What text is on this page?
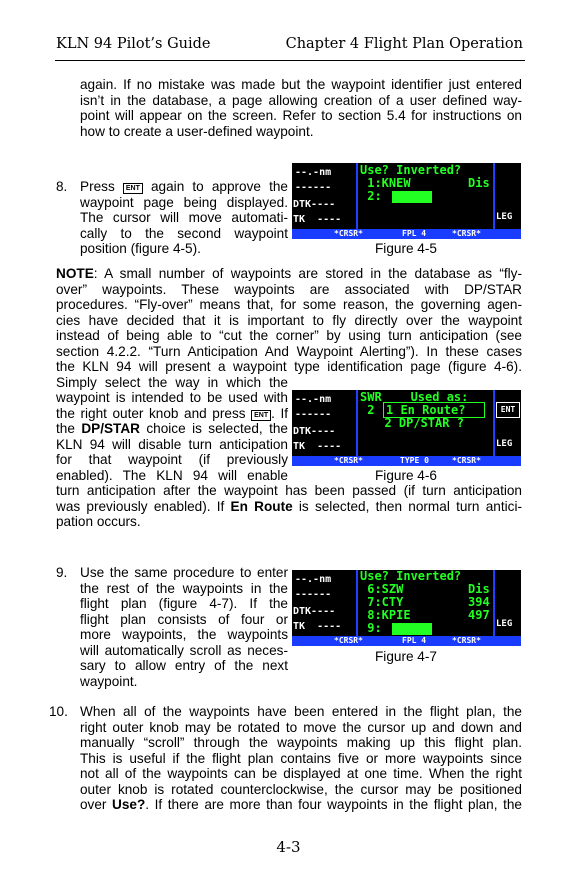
KLN 94 Pilot’s Guide	Chapter 4 Flight Plan Operation
again. If no mistake was made but the waypoint identifier just entered
isn’t in the database, a page allowing creation of a user defined way-
point will appear on the screen. Refer to section 5.4 for instructions on
how to create a user-defined waypoint.
8. Press ENT again to approve the
waypoint page being displayed.
The cursor will move automati-
cally to the second waypoint
position (figure 4-5).
--.-nm
------
DTK----
TK  ----
Use? Inverted?
1:KNEW	Dis
2:
LEG
*CRSR*	FPL 4	*CRSR*
Figure 4-5
NOTE: A small number of waypoints are stored in the database as “fly-
over” waypoints. These waypoints are associated with DP/STAR
procedures. “Fly-over” means that, for some reason, the governing agen-
cies have decided that it is important to fly directly over the waypoint
instead of being able to “cut the corner” by using turn anticipation (see
section 4.2.2. “Turn Anticipation And Waypoint Alerting”). In these cases
the KLN 94 will present a waypoint type identification page (figure 4-6).
Simply select the way in which the
waypoint is intended to be used with
the right outer knob and press ENT . If
the DP/STAR choice is selected, the
KLN 94 will disable turn anticipation
for that waypoint (if previously
enabled). The KLN 94 will enable
turn anticipation after the waypoint has been passed (if turn anticipation
was previously enabled). If En Route is selected, then normal turn antici-
pation occurs.
--.-nm
------
DTK----
TK  ----
SWR    Used as:
2 1 En Route?
2 DP/STAR ?
ENT
LEG
*CRSR*	TYPE 0	*CRSR*
Figure 4-6
9. Use the same procedure to enter
the rest of the waypoints in the
flight plan (figure 4-7). If the
flight plan consists of four or
more waypoints, the waypoints
will automatically scroll as neces-
sary to allow entry of the next
waypoint.
--.-nm
------
DTK----
TK  ----
Use? Inverted?
6:SZW	Dis
7:CTY	394
8:KPIE	497
9:	LEG
*CRSR*	FPL 4	*CRSR*
Figure 4-7
10. When all of the waypoints have been entered in the flight plan, the
right outer knob may be rotated to move the cursor up and down and
manually “scroll” through the waypoints making up this flight plan.
This is useful if the flight plan contains five or more waypoints since
not all of the waypoints can be displayed at one time. When the right
outer knob is rotated counterclockwise, the cursor may be positioned
over Use?. If there are more than four waypoints in the flight plan, the
4-3
